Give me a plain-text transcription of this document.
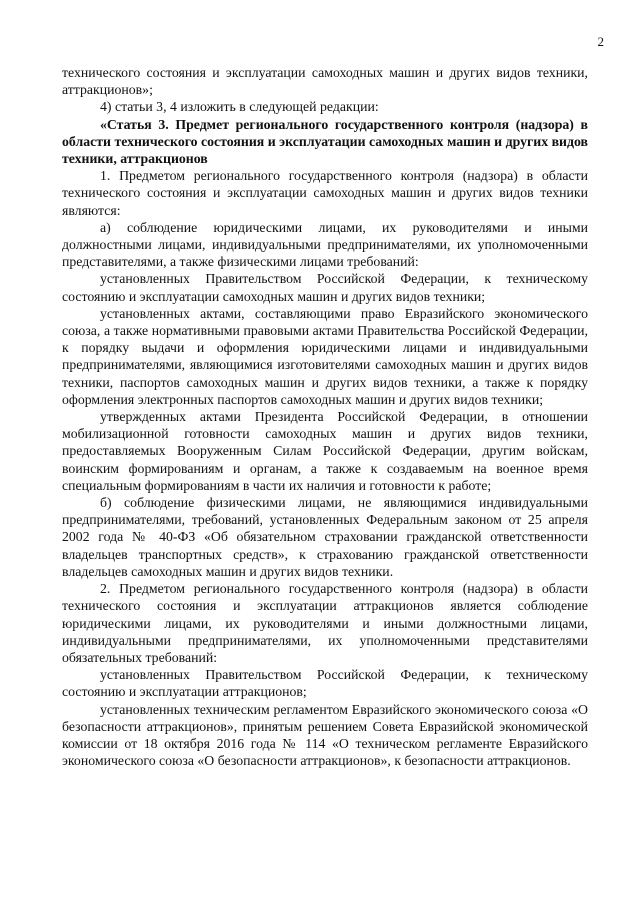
2

технического состояния и эксплуатации самоходных машин и других видов техники, аттракционов»;

4) статьи 3, 4 изложить в следующей редакции:

«Статья 3. Предмет регионального государственного контроля (надзора) в области технического состояния и эксплуатации самоходных машин и других видов техники, аттракционов

1. Предметом регионального государственного контроля (надзора) в области технического состояния и эксплуатации самоходных машин и других видов техники являются:

а) соблюдение юридическими лицами, их руководителями и иными должностными лицами, индивидуальными предпринимателями, их уполномоченными представителями, а также физическими лицами требований:

установленных Правительством Российской Федерации, к техническому состоянию и эксплуатации самоходных машин и других видов техники;

установленных актами, составляющими право Евразийского экономического союза, а также нормативными правовыми актами Правительства Российской Федерации, к порядку выдачи и оформления юридическими лицами и индивидуальными предпринимателями, являющимися изготовителями самоходных машин и других видов техники, паспортов самоходных машин и других видов техники, а также к порядку оформления электронных паспортов самоходных машин и других видов техники;

утвержденных актами Президента Российской Федерации, в отношении мобилизационной готовности самоходных машин и других видов техники, предоставляемых Вооруженным Силам Российской Федерации, другим войскам, воинским формированиям и органам, а также к создаваемым на военное время специальным формированиям в части их наличия и готовности к работе;

б) соблюдение физическими лицами, не являющимися индивидуальными предпринимателями, требований, установленных Федеральным законом от 25 апреля 2002 года № 40-ФЗ «Об обязательном страховании гражданской ответственности владельцев транспортных средств», к страхованию гражданской ответственности владельцев самоходных машин и других видов техники.

2. Предметом регионального государственного контроля (надзора) в области технического состояния и эксплуатации аттракционов является соблюдение юридическими лицами, их руководителями и иными должностными лицами, индивидуальными предпринимателями, их уполномоченными представителями обязательных требований:

установленных Правительством Российской Федерации, к техническому состоянию и эксплуатации аттракционов;

установленных техническим регламентом Евразийского экономического союза «О безопасности аттракционов», принятым решением Совета Евразийской экономической комиссии от 18 октября 2016 года № 114 «О техническом регламенте Евразийского экономического союза «О безопасности аттракционов», к безопасности аттракционов.
